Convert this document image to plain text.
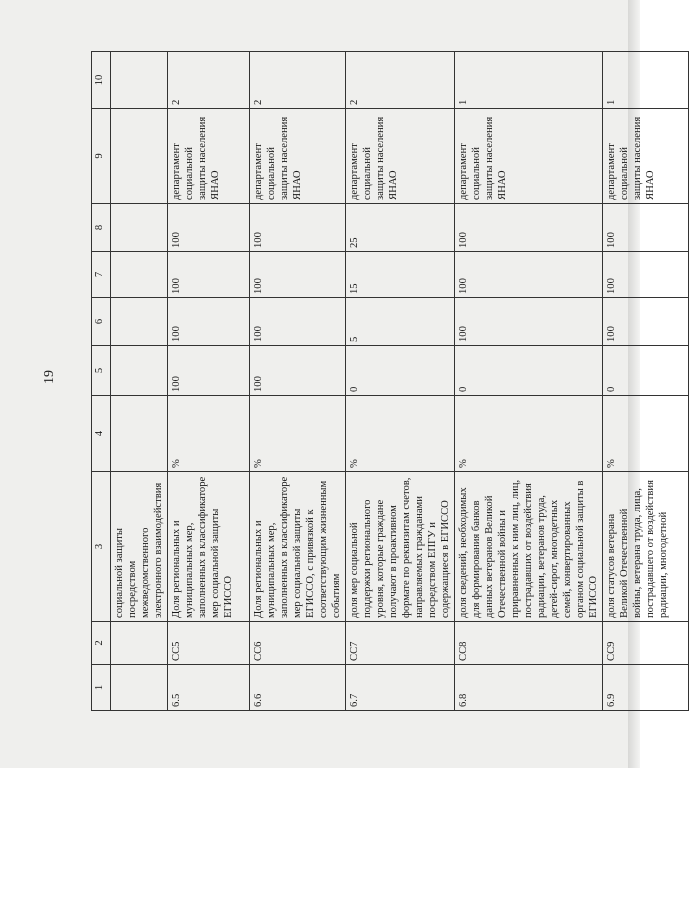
19
1	2	3	4	5	6	7	8	9	10
		социальной защиты посредством межведомственного электронного взаимодействия							
6.5	СС5	Доля региональных и муниципальных мер, заполненных в классификаторе мер социальной защиты ЕГИССО	%	100	100	100	100	департамент социальной защиты населения ЯНАО	2
6.6	СС6	Доля региональных и муниципальных мер, заполненных в классификаторе мер социальной защиты ЕГИССО, с привязкой к соответствующим жизненным событиям	%	100	100	100	100	департамент социальной защиты населения ЯНАО	2
6.7	СС7	доля мер социальной поддержки регионального уровня, которые граждане получают в проактивном формате по реквизитам счетов, направляемых гражданами посредством ЕПГУ и содержащиеся в ЕГИССО	%	0	5	15	25	департамент социальной защиты населения ЯНАО	2
6.8	СС8	доля сведений, необходимых для формирования банков данных ветеранов Великой Отечественной войны и приравненных к ним лиц, лиц, пострадавших от воздействия радиации, ветеранов труда, детей-сирот, многодетных семей, конвертированных органом социальной защиты в ЕГИССО	%	0	100	100	100	департамент социальной защиты населения ЯНАО	1
6.9	СС9	доля статусов ветерана Великой Отечественной войны, ветерана труда, лица, пострадавшего от воздействия радиации, многодетной	%	0	100	100	100	департамент социальной защиты населения ЯНАО	1
